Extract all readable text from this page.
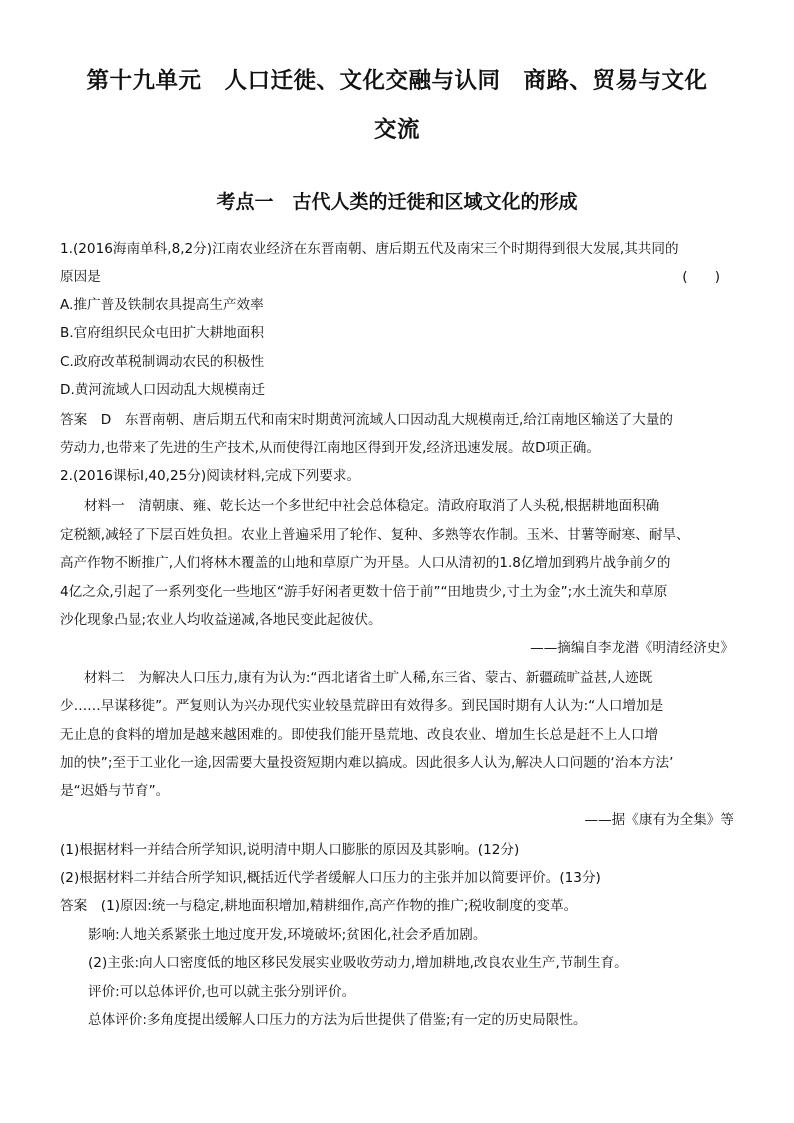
第十九单元　人口迁徙、文化交融与认同　商路、贸易与文化
交流
考点一　古代人类的迁徙和区域文化的形成
1.(2016海南单科,8,2分)江南农业经济在东晋南朝、唐后期五代及南宋三个时期得到很大发展,其共同的
原因是	(　　)
A.推广普及铁制农具提高生产效率
B.官府组织民众屯田扩大耕地面积
C.政府改革税制调动农民的积极性
D.黄河流域人口因动乱大规模南迁
答案　D　东晋南朝、唐后期五代和南宋时期黄河流域人口因动乱大规模南迁,给江南地区输送了大量的
劳动力,也带来了先进的生产技术,从而使得江南地区得到开发,经济迅速发展。故D项正确。
2.(2016课标Ⅰ,40,25分)阅读材料,完成下列要求。
材料一　清朝康、雍、乾长达一个多世纪中社会总体稳定。清政府取消了人头税,根据耕地面积确
定税额,减轻了下层百姓负担。农业上普遍采用了轮作、复种、多熟等农作制。玉米、甘薯等耐寒、耐旱、
高产作物不断推广,人们将林木覆盖的山地和草原广为开垦。人口从清初的1.8亿增加到鸦片战争前夕的
4亿之众,引起了一系列变化一些地区“游手好闲者更数十倍于前”“田地贵少,寸土为金”;水土流失和草原
沙化现象凸显;农业人均收益递减,各地民变此起彼伏。
——摘编自李龙潜《明清经济史》
材料二　为解决人口压力,康有为认为:“西北诸省土旷人稀,东三省、蒙古、新疆疏旷益甚,人迹既
少……早谋移徙”。严复则认为兴办现代实业较垦荒辟田有效得多。到民国时期有人认为:“人口增加是
无止息的食料的增加是越来越困难的。即使我们能开垦荒地、改良农业、增加生长总是赶不上人口增
加的快”;至于工业化一途,因需要大量投资短期内难以搞成。因此很多人认为,解决人口问题的‘治本方法’
是“迟婚与节育”。
——据《康有为全集》等
(1)根据材料一并结合所学知识,说明清中期人口膨胀的原因及其影响。(12分)
(2)根据材料二并结合所学知识,概括近代学者缓解人口压力的主张并加以简要评价。(13分)
答案　(1)原因:统一与稳定,耕地面积增加,精耕细作,高产作物的推广;税收制度的变革。
影响:人地关系紧张土地过度开发,环境破坏;贫困化,社会矛盾加剧。
(2)主张:向人口密度低的地区移民发展实业吸收劳动力,增加耕地,改良农业生产,节制生育。
评价:可以总体评价,也可以就主张分别评价。
总体评价:多角度提出缓解人口压力的方法为后世提供了借鉴;有一定的历史局限性。
